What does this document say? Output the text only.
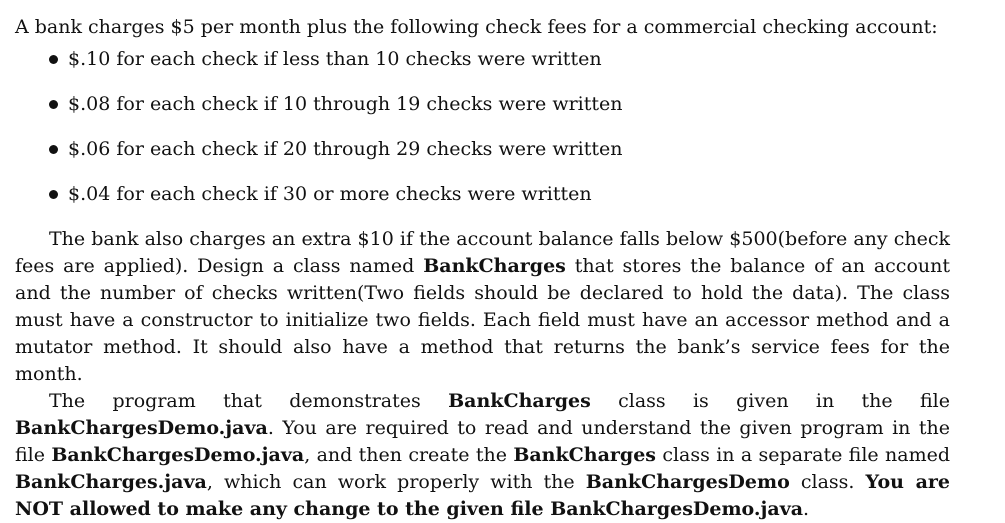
A bank charges $5 per month plus the following check fees for a commercial checking account:

$.10 for each check if less than 10 checks were written
$.08 for each check if 10 through 19 checks were written
$.06 for each check if 20 through 29 checks were written
$.04 for each check if 30 or more checks were written

The bank also charges an extra $10 if the account balance falls below $500(before any check fees are applied). Design a class named BankCharges that stores the balance of an account and the number of checks written(Two fields should be declared to hold the data). The class must have a constructor to initialize two fields. Each field must have an accessor method and a mutator method. It should also have a method that returns the bank’s service fees for the month.

The program that demonstrates BankCharges class is given in the file BankChargesDemo.java. You are required to read and understand the given program in the file BankChargesDemo.java, and then create the BankCharges class in a separate file named BankCharges.java, which can work properly with the BankChargesDemo class. You are NOT allowed to make any change to the given file BankChargesDemo.java.
